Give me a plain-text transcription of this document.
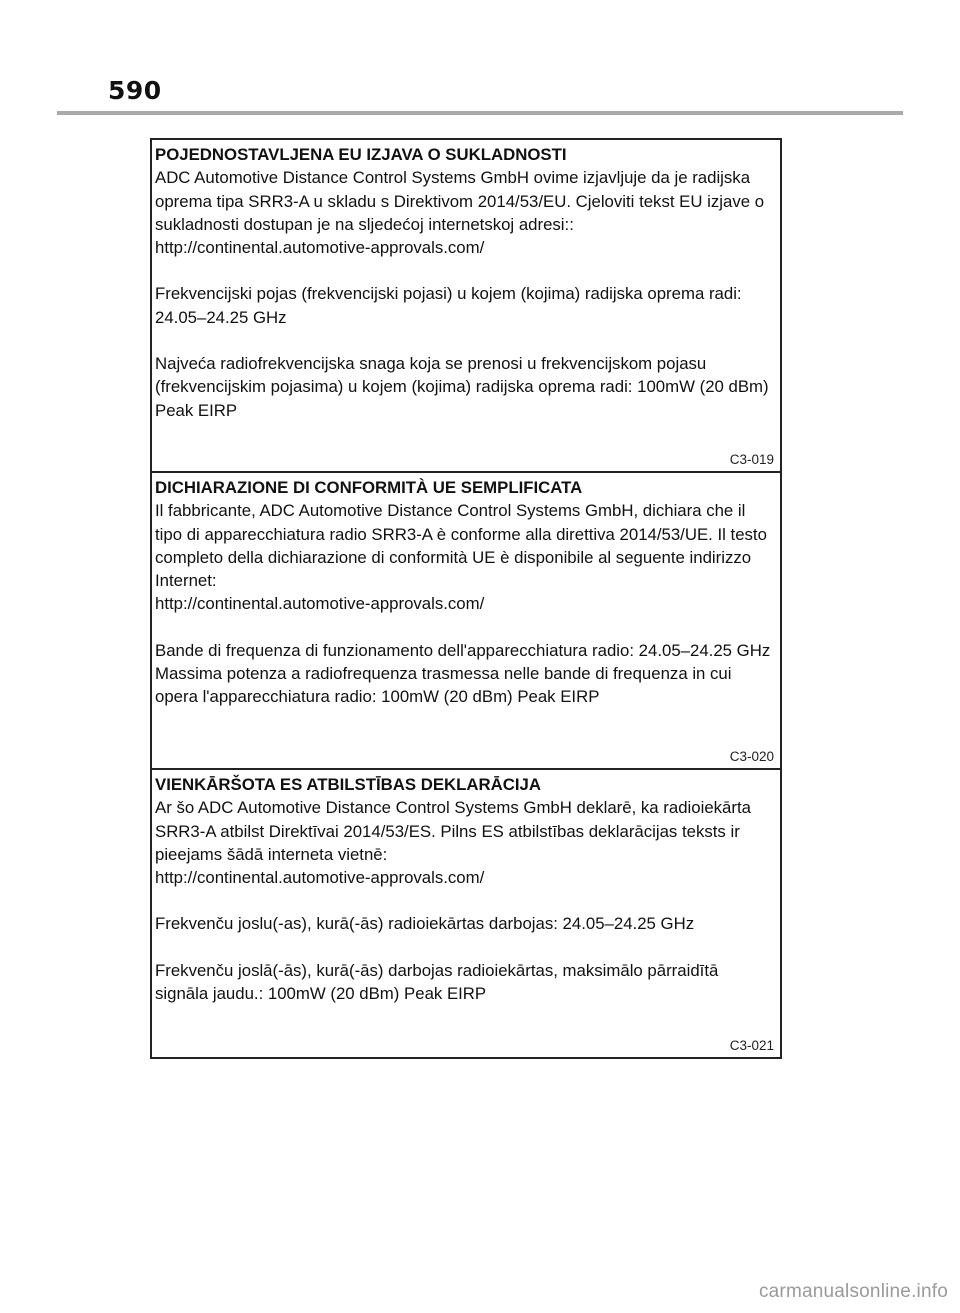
590
POJEDNOSTAVLJENA EU IZJAVA O SUKLADNOSTI

ADC Automotive Distance Control Systems GmbH ovime izjavljuje da je radijska oprema tipa SRR3-A u skladu s Direktivom 2014/53/EU. Cjeloviti tekst EU izjave o sukladnosti dostupan je na sljedećoj internetskoj adresi::

http://continental.automotive-approvals.com/

Frekvencijski pojas (frekvencijski pojasi) u kojem (kojima) radijska oprema radi: 24.05–24.25 GHz

Najveća radiofrekvencijska snaga koja se prenosi u frekvencijskom pojasu (frekvencijskim pojasima) u kojem (kojima) radijska oprema radi: 100mW (20 dBm) Peak EIRP

C3-019
DICHIARAZIONE DI CONFORMITÀ UE SEMPLIFICATA

Il fabbricante, ADC Automotive Distance Control Systems GmbH, dichiara che il tipo di apparecchiatura radio SRR3-A è conforme alla direttiva 2014/53/UE. Il testo completo della dichiarazione di conformità UE è disponibile al seguente indirizzo Internet:

http://continental.automotive-approvals.com/

Bande di frequenza di funzionamento dell'apparecchiatura radio: 24.05–24.25 GHz

Massima potenza a radiofrequenza trasmessa nelle bande di frequenza in cui opera l'apparecchiatura radio: 100mW (20 dBm) Peak EIRP

C3-020
VIENKĀRŠOTA ES ATBILSTĪBAS DEKLARĀCIJA

Ar šo ADC Automotive Distance Control Systems GmbH deklarē, ka radioiekārta SRR3-A atbilst Direktīvai 2014/53/ES. Pilns ES atbilstības deklarācijas teksts ir pieejams šādā interneta vietnē:

http://continental.automotive-approvals.com/

Frekvenču joslu(-as), kurā(-ās) radioiekārtas darbojas: 24.05–24.25 GHz

Frekvenču joslā(-ās), kurā(-ās) darbojas radioiekārtas, maksimālo pārraidītā signāla jaudu.: 100mW (20 dBm) Peak EIRP

C3-021
carmanualsonline.info
